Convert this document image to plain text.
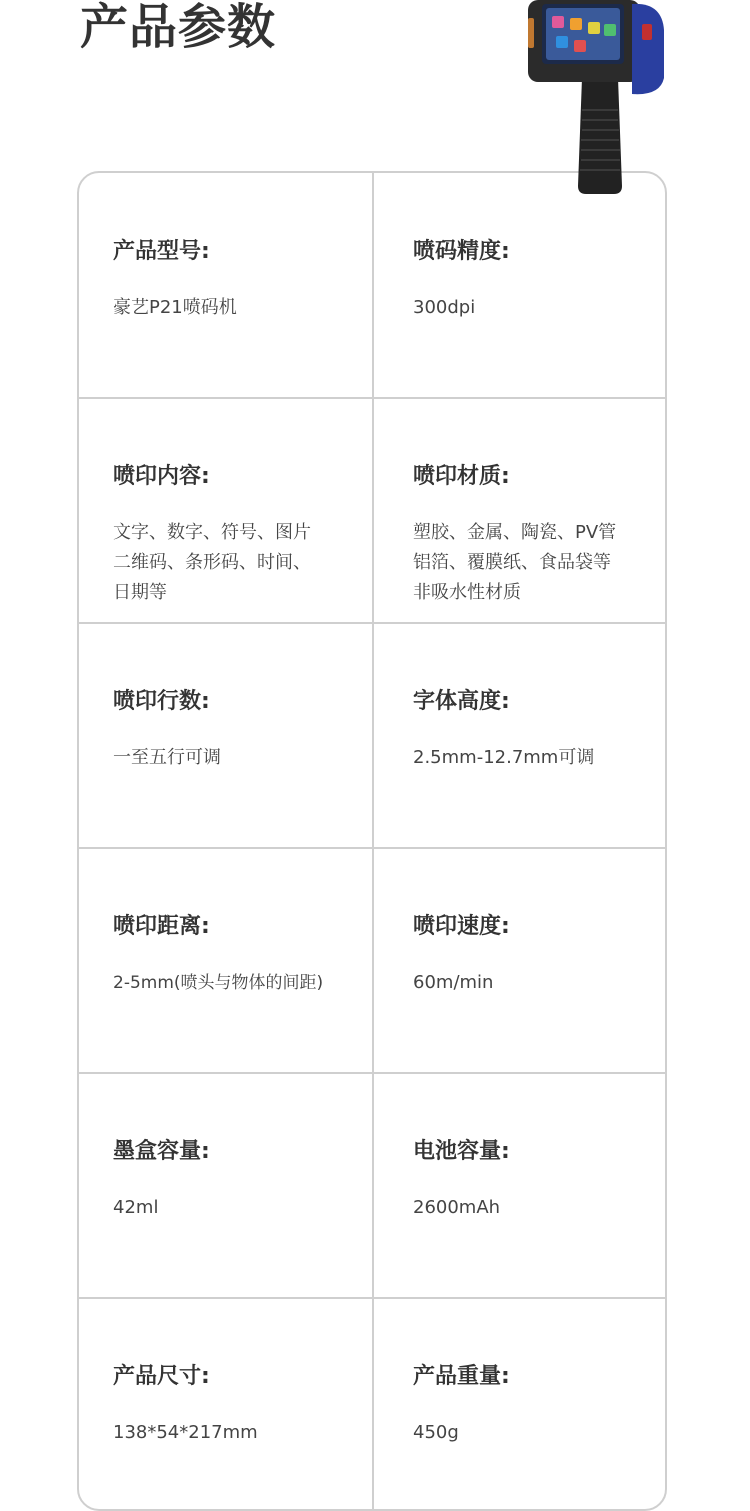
产品参数
产品型号:
豪艺P21喷码机
喷码精度:
300dpi
喷印内容:
文字、数字、符号、图片
二维码、条形码、时间、
日期等
喷印材质:
塑胶、金属、陶瓷、PV管
铝箔、覆膜纸、食品袋等
非吸水性材质
喷印行数:
一至五行可调
字体高度:
2.5mm-12.7mm可调
喷印距离:
2-5mm(喷头与物体的间距)
喷印速度:
60m/min
墨盒容量:
42ml
电池容量:
2600mAh
产品尺寸:
138*54*217mm
产品重量:
450g
